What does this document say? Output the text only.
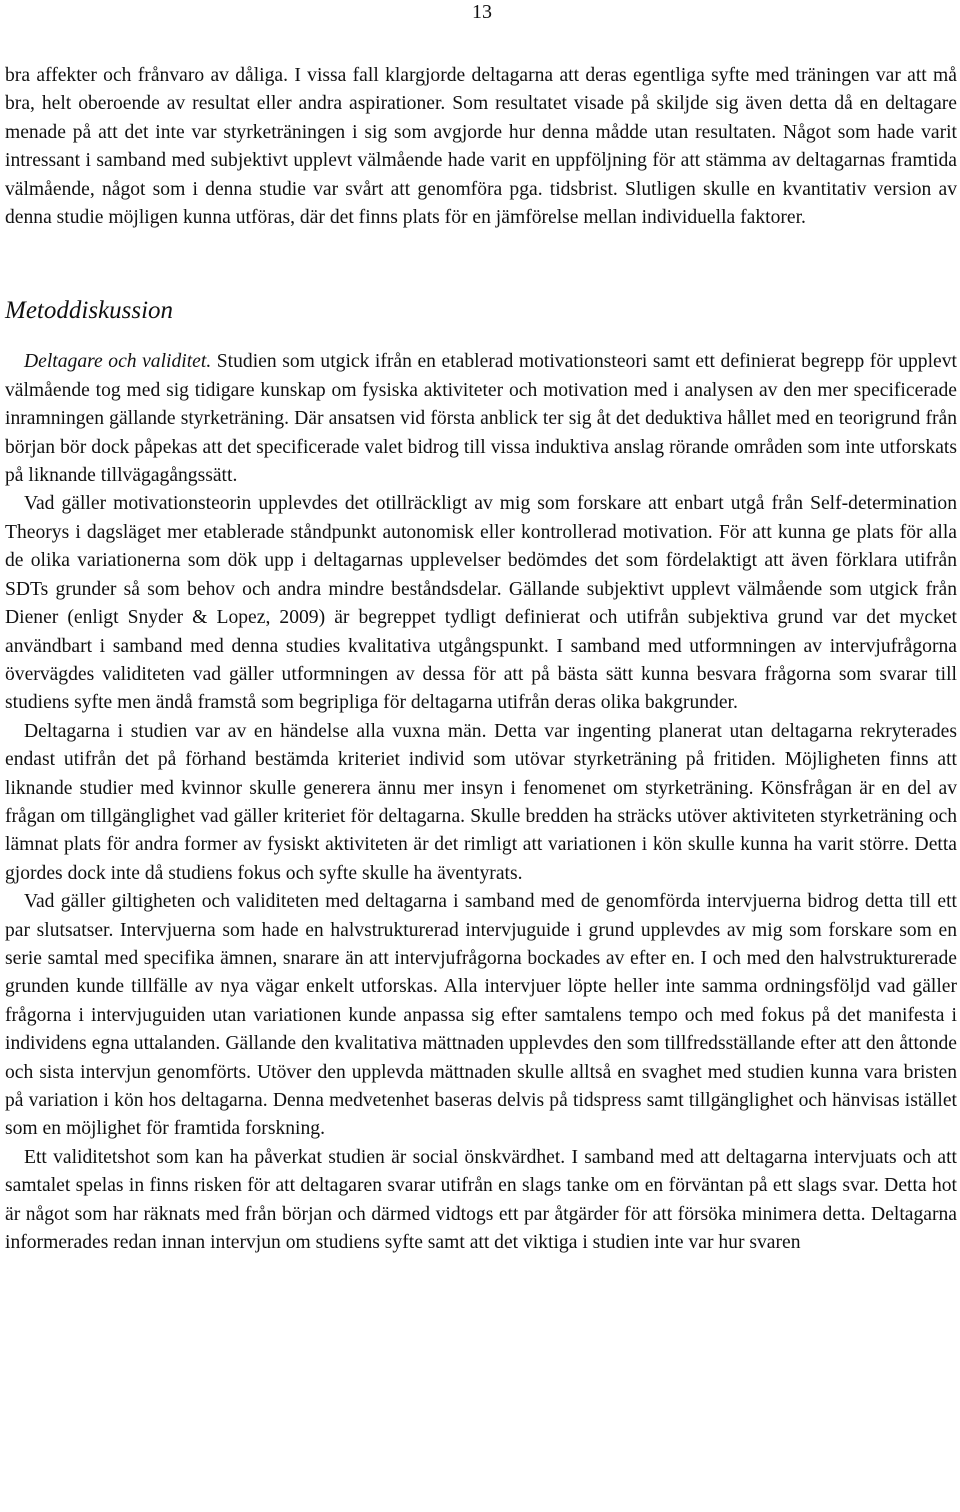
13

bra affekter och frånvaro av dåliga. I vissa fall klargjorde deltagarna att deras egentliga syfte med träningen var att må bra, helt oberoende av resultat eller andra aspirationer. Som resultatet visade på skiljde sig även detta då en deltagare menade på att det inte var styrketräningen i sig som avgjorde hur denna mådde utan resultaten. Något som hade varit intressant i samband med subjektivt upplevt välmående hade varit en uppföljning för att stämma av deltagarnas framtida välmående, något som i denna studie var svårt att genomföra pga. tidsbrist. Slutligen skulle en kvantitativ version av denna studie möjligen kunna utföras, där det finns plats för en jämförelse mellan individuella faktorer.

Metoddiskussion

Deltagare och validitet. Studien som utgick ifrån en etablerad motivationsteori samt ett definierat begrepp för upplevt välmående tog med sig tidigare kunskap om fysiska aktiviteter och motivation med i analysen av den mer specificerade inramningen gällande styrketräning. Där ansatsen vid första anblick ter sig åt det deduktiva hållet med en teorigrund från början bör dock påpekas att det specificerade valet bidrog till vissa induktiva anslag rörande områden som inte utforskats på liknande tillvägagångssätt.

Vad gäller motivationsteorin upplevdes det otillräckligt av mig som forskare att enbart utgå från Self-determination Theorys i dagsläget mer etablerade ståndpunkt autonomisk eller kontrollerad motivation. För att kunna ge plats för alla de olika variationerna som dök upp i deltagarnas upplevelser bedömdes det som fördelaktigt att även förklara utifrån SDTs grunder så som behov och andra mindre beståndsdelar. Gällande subjektivt upplevt välmående som utgick från Diener (enligt Snyder & Lopez, 2009) är begreppet tydligt definierat och utifrån subjektiva grund var det mycket användbart i samband med denna studies kvalitativa utgångspunkt. I samband med utformningen av intervjufrågorna övervägdes validiteten vad gäller utformningen av dessa för att på bästa sätt kunna besvara frågorna som svarar till studiens syfte men ändå framstå som begripliga för deltagarna utifrån deras olika bakgrunder.

Deltagarna i studien var av en händelse alla vuxna män. Detta var ingenting planerat utan deltagarna rekryterades endast utifrån det på förhand bestämda kriteriet individ som utövar styrketräning på fritiden. Möjligheten finns att liknande studier med kvinnor skulle generera ännu mer insyn i fenomenet om styrketräning. Könsfrågan är en del av frågan om tillgänglighet vad gäller kriteriet för deltagarna. Skulle bredden ha sträcks utöver aktiviteten styrketräning och lämnat plats för andra former av fysiskt aktiviteten är det rimligt att variationen i kön skulle kunna ha varit större. Detta gjordes dock inte då studiens fokus och syfte skulle ha äventyrats.

Vad gäller giltigheten och validiteten med deltagarna i samband med de genomförda intervjuerna bidrog detta till ett par slutsatser. Intervjuerna som hade en halvstrukturerad intervjuguide i grund upplevdes av mig som forskare som en serie samtal med specifika ämnen, snarare än att intervjufrågorna bockades av efter en. I och med den halvstrukturerade grunden kunde tillfälle av nya vägar enkelt utforskas. Alla intervjuer löpte heller inte samma ordningsföljd vad gäller frågorna i intervjuguiden utan variationen kunde anpassa sig efter samtalens tempo och med fokus på det manifesta i individens egna uttalanden. Gällande den kvalitativa mättnaden upplevdes den som tillfredsställande efter att den åttonde och sista intervjun genomförts. Utöver den upplevda mättnaden skulle alltså en svaghet med studien kunna vara bristen på variation i kön hos deltagarna. Denna medvetenhet baseras delvis på tidspress samt tillgänglighet och hänvisas istället som en möjlighet för framtida forskning.

Ett validitetshot som kan ha påverkat studien är social önskvärdhet. I samband med att deltagarna intervjuats och att samtalet spelas in finns risken för att deltagaren svarar utifrån en slags tanke om en förväntan på ett slags svar. Detta hot är något som har räknats med från början och därmed vidtogs ett par åtgärder för att försöka minimera detta. Deltagarna informerades redan innan intervjun om studiens syfte samt att det viktiga i studien inte var hur svaren
